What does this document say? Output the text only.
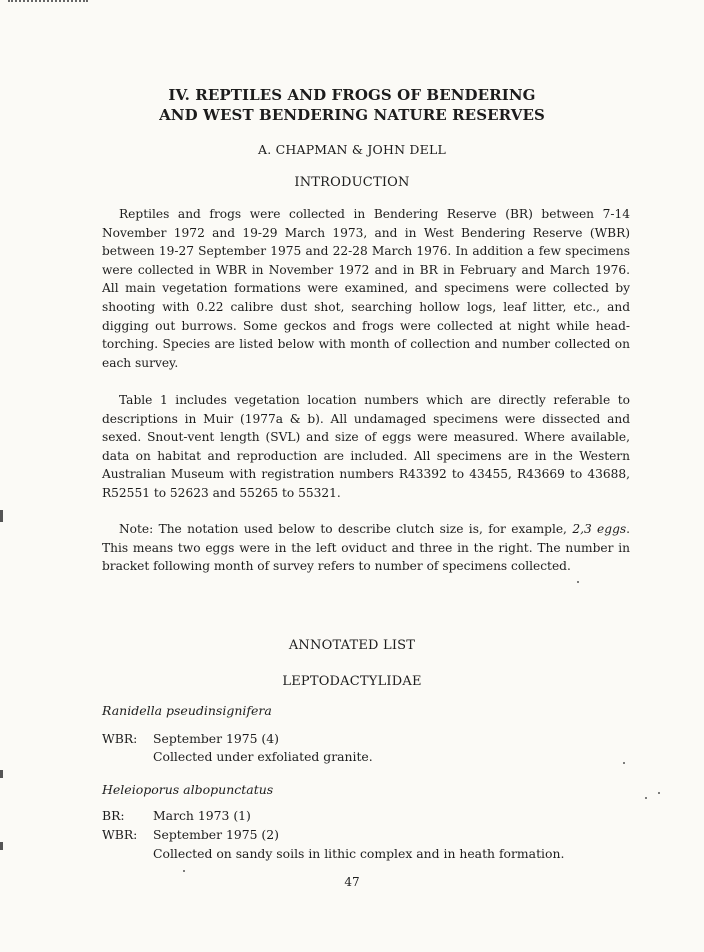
IV. REPTILES AND FROGS OF BENDERING
AND WEST BENDERING NATURE RESERVES
A. CHAPMAN & JOHN DELL
INTRODUCTION

Reptiles and frogs were collected in Bendering Reserve (BR) between 7-14 November 1972 and 19-29 March 1973, and in West Bendering Reserve (WBR) between 19-27 September 1975 and 22-28 March 1976. In addition a few specimens were collected in WBR in November 1972 and in BR in February and March 1976. All main vegetation formations were examined, and specimens were collected by shooting with 0.22 calibre dust shot, searching hollow logs, leaf litter, etc., and digging out burrows. Some geckos and frogs were collected at night while head-torching. Species are listed below with month of collection and number collected on each survey.

Table 1 includes vegetation location numbers which are directly referable to descriptions in Muir (1977a & b). All undamaged specimens were dissected and sexed. Snout-vent length (SVL) and size of eggs were measured. Where available, data on habitat and reproduction are included. All specimens are in the Western Australian Museum with registration numbers R43392 to 43455, R43669 to 43688, R52551 to 52623 and 55265 to 55321.

Note: The notation used below to describe clutch size is, for example, 2,3 eggs. This means two eggs were in the left oviduct and three in the right. The number in bracket following month of survey refers to number of specimens collected.

ANNOTATED LIST
LEPTODACTYLIDAE
Ranidella pseudinsignifera
WBR: September 1975 (4)
Collected under exfoliated granite.
Heleioporus albopunctatus
BR: March 1973 (1)
WBR: September 1975 (2)
Collected on sandy soils in lithic complex and in heath formation.
47
